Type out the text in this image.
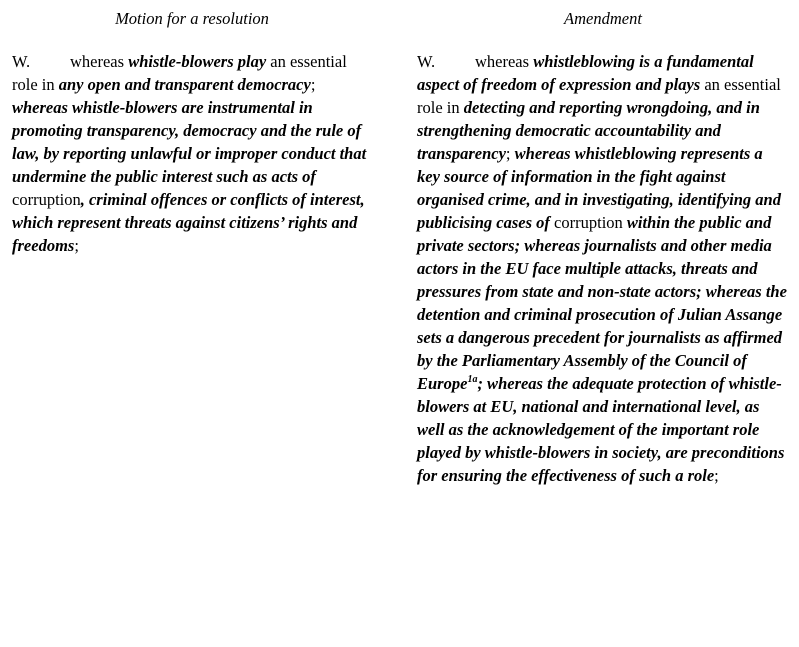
Motion for a resolution

W. whereas whistle-blowers play an essential role in any open and transparent democracy; whereas whistle-blowers are instrumental in promoting transparency, democracy and the rule of law, by reporting unlawful or improper conduct that undermine the public interest such as acts of corruption, criminal offences or conflicts of interest, which represent threats against citizens’ rights and freedoms;

Amendment

W. whereas whistleblowing is a fundamental aspect of freedom of expression and plays an essential role in detecting and reporting wrongdoing, and in strengthening democratic accountability and transparency; whereas whistleblowing represents a key source of information in the fight against organised crime, and in investigating, identifying and publicising cases of corruption within the public and private sectors; whereas journalists and other media actors in the EU face multiple attacks, threats and pressures from state and non-state actors; whereas the detention and criminal prosecution of Julian Assange sets a dangerous precedent for journalists as affirmed by the Parliamentary Assembly of the Council of Europe$^{1a}$; whereas the adequate protection of whistle-blowers at EU, national and international level, as well as the acknowledgement of the important role played by whistle-blowers in society, are preconditions for ensuring the effectiveness of such a role;
